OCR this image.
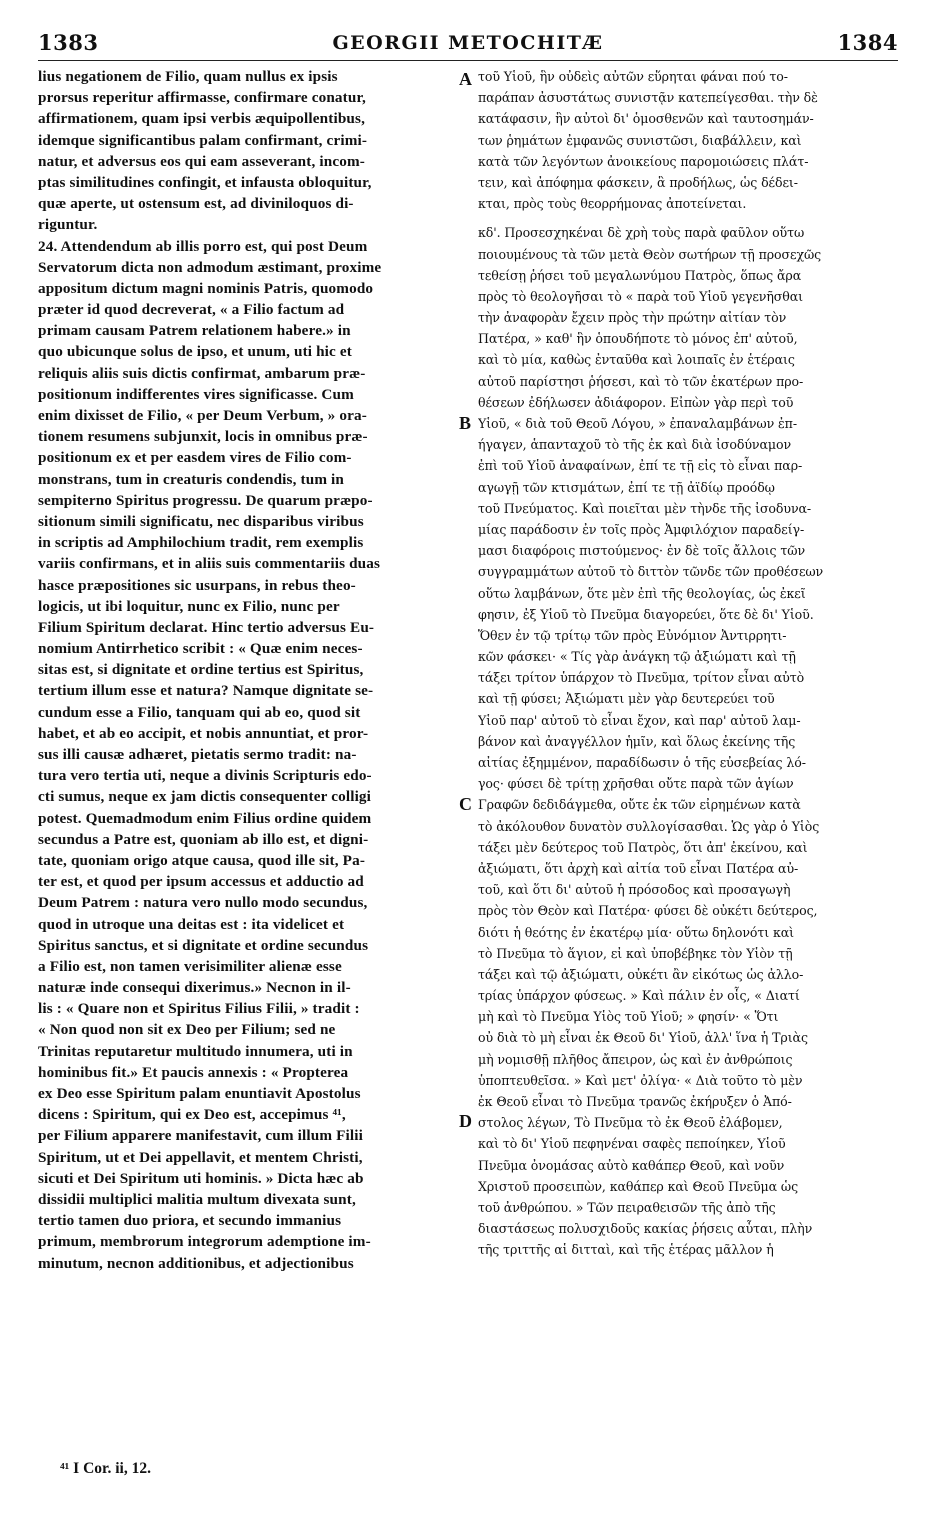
1383	GEORGII METOCHITÆ	1384
lius negationem de Filio, quam nullus ex ipsis
prorsus reperitur affirmasse, confirmare conatur,
affirmationem, quam ipsi verbis æquipollentibus,
idemque significantibus palam confirmant, crimi-
natur, et adversus eos qui eam asseverant, incom-
ptas similitudines confingit, et infausta obloquitur,
quæ aperte, ut ostensum est, ad diviniloquos di-
riguntur.
24. Attendendum ab illis porro est, qui post Deum
Servatorum dicta non admodum æstimant, proxime
appositum dictum magni nominis Patris, quomodo
præter id quod decreverat, « a Filio factum ad
primam causam Patrem relationem habere.» in
quo ubicunque solus de ipso, et unum, uti hic et
reliquis aliis suis dictis confirmat, ambarum præ-
positionum indifferentes vires significasse. Cum
enim dixisset de Filio, « per Deum Verbum, » ora-
tionem resumens subjunxit, locis in omnibus præ-
positionum ex et per easdem vires de Filio com-
monstrans, tum in creaturis condendis, tum in
sempiterno Spiritus progressu. De quarum præpo-
sitionum simili significatu, nec disparibus viribus
in scriptis ad Amphilochium tradit, rem exemplis
variis confirmans, et in aliis suis commentariis duas
hasce præpositiones sic usurpans, in rebus theo-
logicis, ut ibi loquitur, nunc ex Filio, nunc per
Filium Spiritum declarat. Hinc tertio adversus Eu-
nomium Antirrhetico scribit : « Quæ enim neces-
sitas est, si dignitate et ordine tertius est Spiritus,
tertium illum esse et natura? Namque dignitate se-
cundum esse a Filio, tanquam qui ab eo, quod sit
habet, et ab eo accipit, et nobis annuntiat, et pror-
sus illi causæ adhæret, pietatis sermo tradit: na-
tura vero tertia uti, neque a divinis Scripturis edo-
cti sumus, neque ex jam dictis consequenter colligi
potest. Quemadmodum enim Filius ordine quidem
secundus a Patre est, quoniam ab illo est, et digni-
tate, quoniam origo atque causa, quod ille sit, Pa-
ter est, et quod per ipsum accessus et adductio ad
Deum Patrem : natura vero nullo modo secundus,
quod in utroque una deitas est : ita videlicet et
Spiritus sanctus, et si dignitate et ordine secundus
a Filio est, non tamen verisimiliter alienæ esse
naturæ inde consequi dixerimus.» Necnon in il-
lis : « Quare non et Spiritus Filius Filii, » tradit :
« Non quod non sit ex Deo per Filium; sed ne
Trinitas reputaretur multitudo innumera, uti in
hominibus fit.» Et paucis annexis : « Propterea
ex Deo esse Spiritum palam enuntiavit Apostolus
dicens : Spiritum, qui ex Deo est, accepimus ⁴¹,
per Filium apparere manifestavit, cum illum Filii
Spiritum, ut et Dei appellavit, et mentem Christi,
sicuti et Dei Spiritum uti hominis. » Dicta hæc ab
dissidii multiplici malitia multum divexata sunt,
tertio tamen duo priora, et secundo immanius
primum, membrorum integrorum ademptione im-
minutum, necnon additionibus, et adjectionibus
τοῦ Υἱοῦ, ἣν οὐδεὶς αὐτῶν εὕρηται φάναι πού το-
παράπαν ἀσυστάτως συνιστᾷν κατεπείγεσθαι. τὴν δὲ
κατάφασιν, ἣν αὐτοὶ δι' ὁμοσθενῶν καὶ ταυτοσημάν-
των ῥημάτων ἐμφανῶς συνιστῶσι, διαβάλλειν, καὶ
κατὰ τῶν λεγόντων ἀνοικείους παρομοιώσεις πλάτ-
τειν, καὶ ἀπόφημα φάσκειν, ἃ προδήλως, ὡς δέδει-
κται, πρὸς τοὺς θεορρήμονας ἀποτείνεται.
κδ'. Προσεσχηκέναι δὲ χρὴ τοὺς παρὰ φαῦλον οὕτω
ποιουμένους τὰ τῶν μετὰ Θεὸν σωτήρων τῇ προσεχῶς
τεθείσῃ ῥήσει τοῦ μεγαλωνύμου Πατρὸς, ὅπως ἄρα
πρὸς τὸ θεολογῆσαι τὸ « παρὰ τοῦ Υἱοῦ γεγενῆσθαι
τὴν ἀναφορὰν ἔχειν πρὸς τὴν πρώτην αἰτίαν τὸν
Πατέρα, » καθ' ἣν ὁπουδήποτε τὸ μόνος ἐπ' αὐτοῦ,
καὶ τὸ μία, καθὼς ἐνταῦθα καὶ λοιπαῖς ἐν ἑτέραις
αὐτοῦ παρίστησι ῥήσεσι, καὶ τὸ τῶν ἑκατέρων προ-
θέσεων ἐδήλωσεν ἀδιάφορον. Εἰπὼν γὰρ περὶ τοῦ
Υἱοῦ, « διὰ τοῦ Θεοῦ Λόγου, » ἐπαναλαμβάνων ἐπ-
ήγαγεν, ἁπανταχοῦ τὸ τῆς ἐκ καὶ διὰ ἰσοδύναμον
ἐπὶ τοῦ Υἱοῦ ἀναφαίνων, ἐπί τε τῇ εἰς τὸ εἶναι παρ-
αγωγῇ τῶν κτισμάτων, ἐπί τε τῇ ἀϊδίῳ προόδῳ
τοῦ Πνεύματος. Καὶ ποιεῖται μὲν τὴνδε τῆς ἰσοδυνα-
μίας παράδοσιν ἐν τοῖς πρὸς Ἀμφιλόχιον παραδείγ-
μασι διαφόροις πιστούμενος· ἐν δὲ τοῖς ἄλλοις τῶν
συγγραμμάτων αὐτοῦ τὸ διττὸν τῶνδε τῶν προθέσεων
οὕτω λαμβάνων, ὅτε μὲν ἐπὶ τῆς θεολογίας, ὡς ἐκεῖ
φησιν, ἐξ Υἱοῦ τὸ Πνεῦμα διαγορεύει, ὅτε δὲ δι' Υἱοῦ.
Ὅθεν ἐν τῷ τρίτῳ τῶν πρὸς Εὐνόμιον Ἀντιρρητι-
κῶν φάσκει· « Τίς γὰρ ἀνάγκη τῷ ἀξιώματι καὶ τῇ
τάξει τρίτον ὑπάρχον τὸ Πνεῦμα, τρίτον εἶναι αὐτὸ
καὶ τῇ φύσει; Ἀξιώματι μὲν γὰρ δευτερεύει τοῦ
Υἱοῦ παρ' αὐτοῦ τὸ εἶναι ἔχον, καὶ παρ' αὐτοῦ λαμ-
βάνον καὶ ἀναγγέλλον ἡμῖν, καὶ ὅλως ἐκείνης τῆς
αἰτίας ἐξημμένον, παραδίδωσιν ὁ τῆς εὐσεβείας λό-
γος· φύσει δὲ τρίτῃ χρῆσθαι οὔτε παρὰ τῶν ἁγίων
Γραφῶν δεδιδάγμεθα, οὔτε ἐκ τῶν εἰρημένων κατὰ
τὸ ἀκόλουθον δυνατὸν συλλογίσασθαι. Ὡς γὰρ ὁ Υἱὸς
τάξει μὲν δεύτερος τοῦ Πατρὸς, ὅτι ἀπ' ἐκείνου, καὶ
ἀξιώματι, ὅτι ἀρχὴ καὶ αἰτία τοῦ εἶναι Πατέρα αὐ-
τοῦ, καὶ ὅτι δι' αὐτοῦ ἡ πρόσοδος καὶ προσαγωγὴ
πρὸς τὸν Θεὸν καὶ Πατέρα· φύσει δὲ οὐκέτι δεύτερος,
διότι ἡ θεότης ἐν ἑκατέρῳ μία· οὕτω δηλονότι καὶ
τὸ Πνεῦμα τὸ ἅγιον, εἰ καὶ ὑποβέβηκε τὸν Υἱὸν τῇ
τάξει καὶ τῷ ἀξιώματι, οὐκέτι ἂν εἰκότως ὡς ἀλλο-
τρίας ὑπάρχον φύσεως. » Καὶ πάλιν ἐν οἷς, « Διατί
μὴ καὶ τὸ Πνεῦμα Υἱὸς τοῦ Υἱοῦ; » φησίν· « Ὅτι
οὐ διὰ τὸ μὴ εἶναι ἐκ Θεοῦ δι' Υἱοῦ, ἀλλ' ἵνα ἡ Τριὰς
μὴ νομισθῇ πλῆθος ἄπειρον, ὡς καὶ ἐν ἀνθρώποις
ὑποπτευθεῖσα. » Καὶ μετ' ὀλίγα· « Διὰ τοῦτο τὸ μὲν
ἐκ Θεοῦ εἶναι τὸ Πνεῦμα τρανῶς ἐκήρυξεν ὁ Ἀπό-
στολος λέγων, Τὸ Πνεῦμα τὸ ἐκ Θεοῦ ἐλάβομεν,
καὶ τὸ δι' Υἱοῦ πεφηνέναι σαφὲς πεποίηκεν, Υἱοῦ
Πνεῦμα ὀνομάσας αὐτὸ καθάπερ Θεοῦ, καὶ νοῦν
Χριστοῦ προσειπὼν, καθάπερ καὶ Θεοῦ Πνεῦμα ὡς
τοῦ ἀνθρώπου. » Τῶν πειραθεισῶν τῆς ἀπὸ τῆς
διαστάσεως πολυσχιδοῦς κακίας ῥήσεις αὗται, πλὴν
τῆς τριττῆς αἱ διτταὶ, καὶ τῆς ἑτέρας μᾶλλον ἡ
A
B
C
D
⁴¹ I Cor. ii, 12.
